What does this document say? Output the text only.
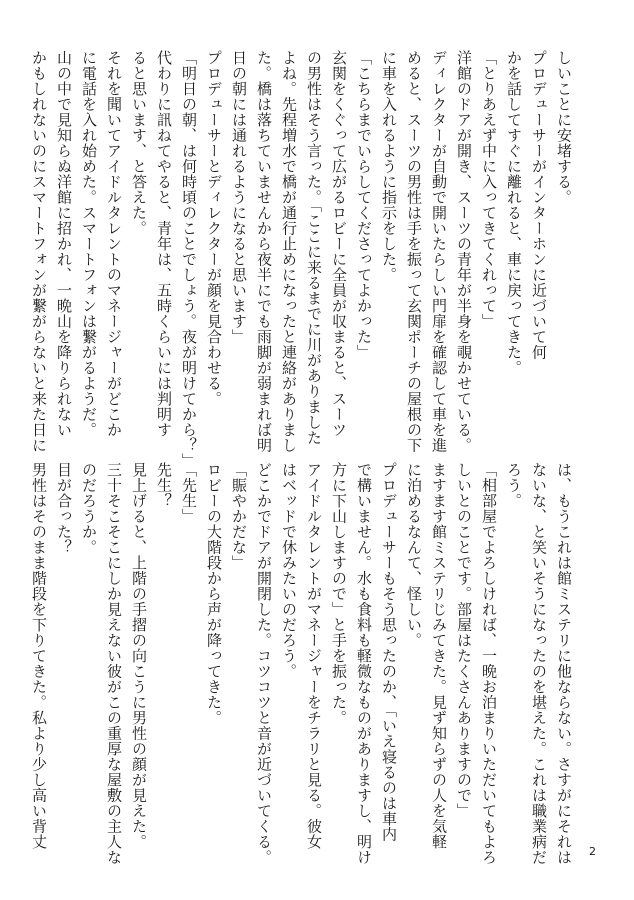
しいことに安堵する。
プロデューサーがインターホンに近づいて何
かを話してすぐに離れると、車に戻ってきた。
「とりあえず中に入ってきてくれって」
洋館のドアが開き、スーツの青年が半身を覗かせている。
ディレクターが自動で開いたらしい門扉を確認して車を進
めると、スーツの男性は手を振って玄関ポーチの屋根の下
に車を入れるように指示をした。
「こちらまでいらしてくださってよかった」
玄関をくぐって広がるロビーに全員が収まると、スーツ
の男性はそう言った。「ここに来るまでに川がありました
よね。先程増水で橋が通行止めになったと連絡がありまし
た。橋は落ちていませんから夜半にでも雨脚が弱まれば明
日の朝には通れるようになると思います」
プロデューサーとディレクターが顔を見合わせる。
「明日の朝、は何時頃のことでしょう。夜が明けてから？」
代わりに訊ねてやると、青年は、五時くらいには判明す
ると思います、と答えた。
それを聞いてアイドルタレントのマネージャーがどこか
に電話を入れ始めた。スマートフォンは繋がるようだ。
山の中で見知らぬ洋館に招かれ、一晩山を降りられない
かもしれないのにスマートフォンが繋がらないと来た日に
は、もうこれは館ミステリに他ならない。さすがにそれは
ないな、と笑いそうになったのを堪えた。これは職業病だ
ろう。
「相部屋でよろしければ、一晩お泊まりいただいてもよろ
しいとのことです。部屋はたくさんありますので」
ますます館ミステリじみてきた。見ず知らずの人を気軽
に泊めるなんて、怪しい。
プロデューサーもそう思ったのか、「いえ寝るのは車内
で構いません。水も食料も軽微なものがありますし、明け
方に下山しますので」と手を振った。
アイドルタレントがマネージャーをチラリと見る。彼女
はベッドで休みたいのだろう。
どこかでドアが開閉した。コツコツと音が近づいてくる。
「賑やかだな」
ロビーの大階段から声が降ってきた。
「先生」
先生？
見上げると、上階の手摺の向こうに男性の顔が見えた。
三十そこそこにしか見えない彼がこの重厚な屋敷の主人な
のだろうか。
目が合った？
男性はそのまま階段を下りてきた。私より少し高い背丈
2
